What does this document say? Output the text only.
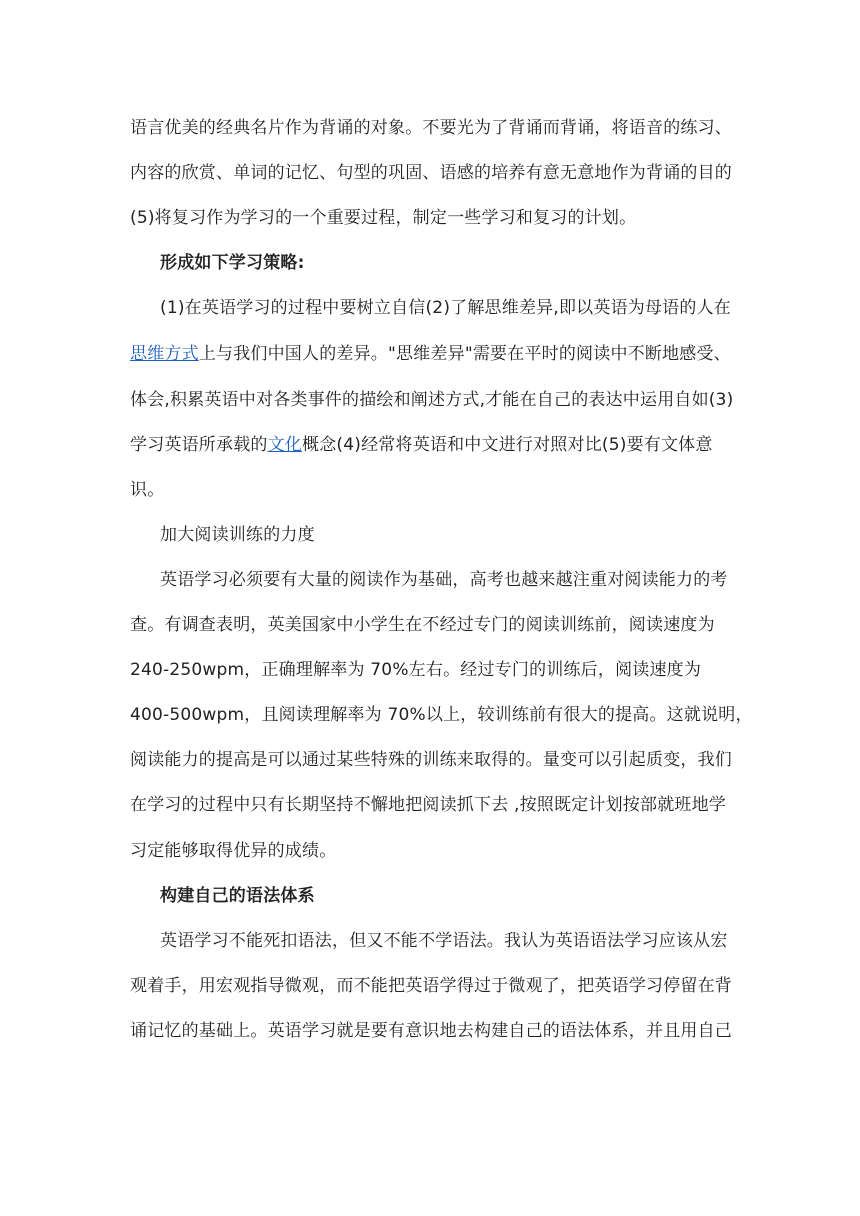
语言优美的经典名片作为背诵的对象。不要光为了背诵而背诵，将语音的练习、
内容的欣赏、单词的记忆、句型的巩固、语感的培养有意无意地作为背诵的目的
(5)将复习作为学习的一个重要过程，制定一些学习和复习的计划。
形成如下学习策略:
(1)在英语学习的过程中要树立自信(2)了解思维差异,即以英语为母语的人在
思维方式上与我们中国人的差异。"思维差异"需要在平时的阅读中不断地感受、
体会,积累英语中对各类事件的描绘和阐述方式,才能在自己的表达中运用自如(3)
学习英语所承载的文化概念(4)经常将英语和中文进行对照对比(5)要有文体意
识。
加大阅读训练的力度
英语学习必须要有大量的阅读作为基础，高考也越来越注重对阅读能力的考
查。有调查表明，英美国家中小学生在不经过专门的阅读训练前，阅读速度为
240-250wpm，正确理解率为 70%左右。经过专门的训练后，阅读速度为
400-500wpm，且阅读理解率为 70%以上，较训练前有很大的提高。这就说明，
阅读能力的提高是可以通过某些特殊的训练来取得的。量变可以引起质变，我们
在学习的过程中只有长期坚持不懈地把阅读抓下去 ,按照既定计划按部就班地学
习定能够取得优异的成绩。
构建自己的语法体系
英语学习不能死扣语法，但又不能不学语法。我认为英语语法学习应该从宏
观着手，用宏观指导微观，而不能把英语学得过于微观了，把英语学习停留在背
诵记忆的基础上。英语学习就是要有意识地去构建自己的语法体系，并且用自己
